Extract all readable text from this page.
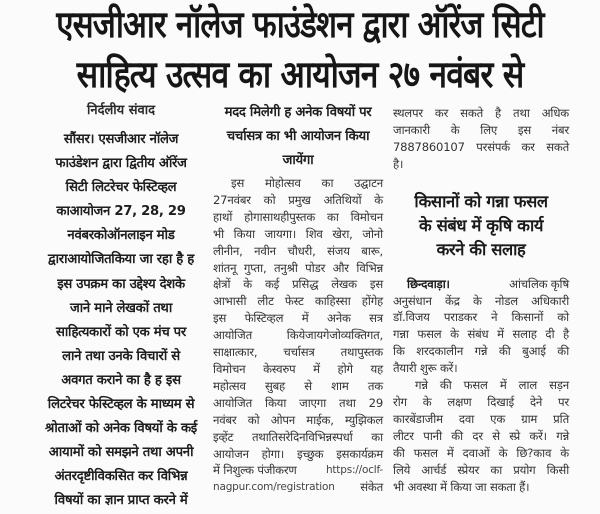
एसजीआर नॉलेज फाउंडेशन द्वारा ऑरेंज सिटी
साहित्य उत्सव का आयोजन २७ नवंबर से
निर्दलीय संवाद
सौंसर। एसजीआर नॉलेज
फाउंडेशन द्वारा द्वितीय ऑरेंज
सिटी लिटरेचर फेस्टिव्हल
काआयोजन 27, 28, 29
नवंबरकोऑनलाइन मोड
द्वाराआयोजितकिया जा रहा है ह
इस उपक्रम का उद्देश्य देशके
जाने माने लेखकों तथा
साहित्यकारों को एक मंच पर
लाने तथा उनके विचारों से
अवगत कराने का है ह इस
लिटरेचर फेस्टिव्हल के माध्यम से
श्रोताओं को अनेक विषयों के कई
आयामों को समझने तथा अपनी
अंतरदृष्टीविकसित कर विभिन्न
विषयों का ज्ञान प्राप्त करने में
मदद मिलेगी ह अनेक विषयों पर
चर्चासत्र का भी आयोजन किया
जायेंगा
इस मोहोत्सव का उद्घाटन
27नवंबर को प्रमुख अतिथियों के
हाथों होगासाथहीपुस्तक का विमोचन
भी किया जायगा। शिव खेरा, जोनो
लीनीन, नवीन चौधरी, संजय बारू,
शांतनू गुप्ता, तनुश्री पोडर और विभिन्न
क्षेत्रों के कई प्रसिद्ध लेखक इस
आभासी लीट फेस्ट काहिस्सा होंगेह
इस फेस्टिव्हल में अनेक सत्र
आयोजित कियेजायगेजोव्यक्तिगत,
साक्षात्कार, चर्चासत्र तथापुस्तक
विमोचन केस्वरुप में होगे यह
महोत्सव सुबह से शाम तक
आयोजित किया जाएगा तथा 29
नवंबर को ओपन माईक, म्युझिकल
इव्हेंट तथातिसरेदिनविभिन्नस्पर्धा का
आयोजन होगा। इच्छुक इसकार्यक्रम
में निशुल्क पंजीकरण	https://oclf-
nagpur.com/registration संकेत
स्थलपर कर सकते है तथा अधिक
जानकारी के लिए इस नंबर
7887860107 परसंपर्क कर सकते
है।
किसानों को गन्ना फसल
के संबंध में कृषि कार्य
करने की सलाह
छिन्दवाड़ा।	आंचलिक कृषि
अनुसंधान केंद्र के नोडल अधिकारी
डॉ.विजय पराडकर ने किसानों को
गन्ना फसल के संबंध में सलाह दी है
कि शरदकालीन गन्ने की बुआई की
तैयारी शुरू करें।
गन्ने की फसल में लाल सड़न
रोग के लक्षण दिखाई देने पर
कारबेंडाजीम दवा एक ग्राम प्रति
लीटर पानी की दर से स्प्रे करें। गन्ने
की फसल में दवाओं के छि?काव के
लिये आर्चर्ड स्प्रेयर का प्रयोग किसी
भी अवस्था में किया जा सकता हैं।
